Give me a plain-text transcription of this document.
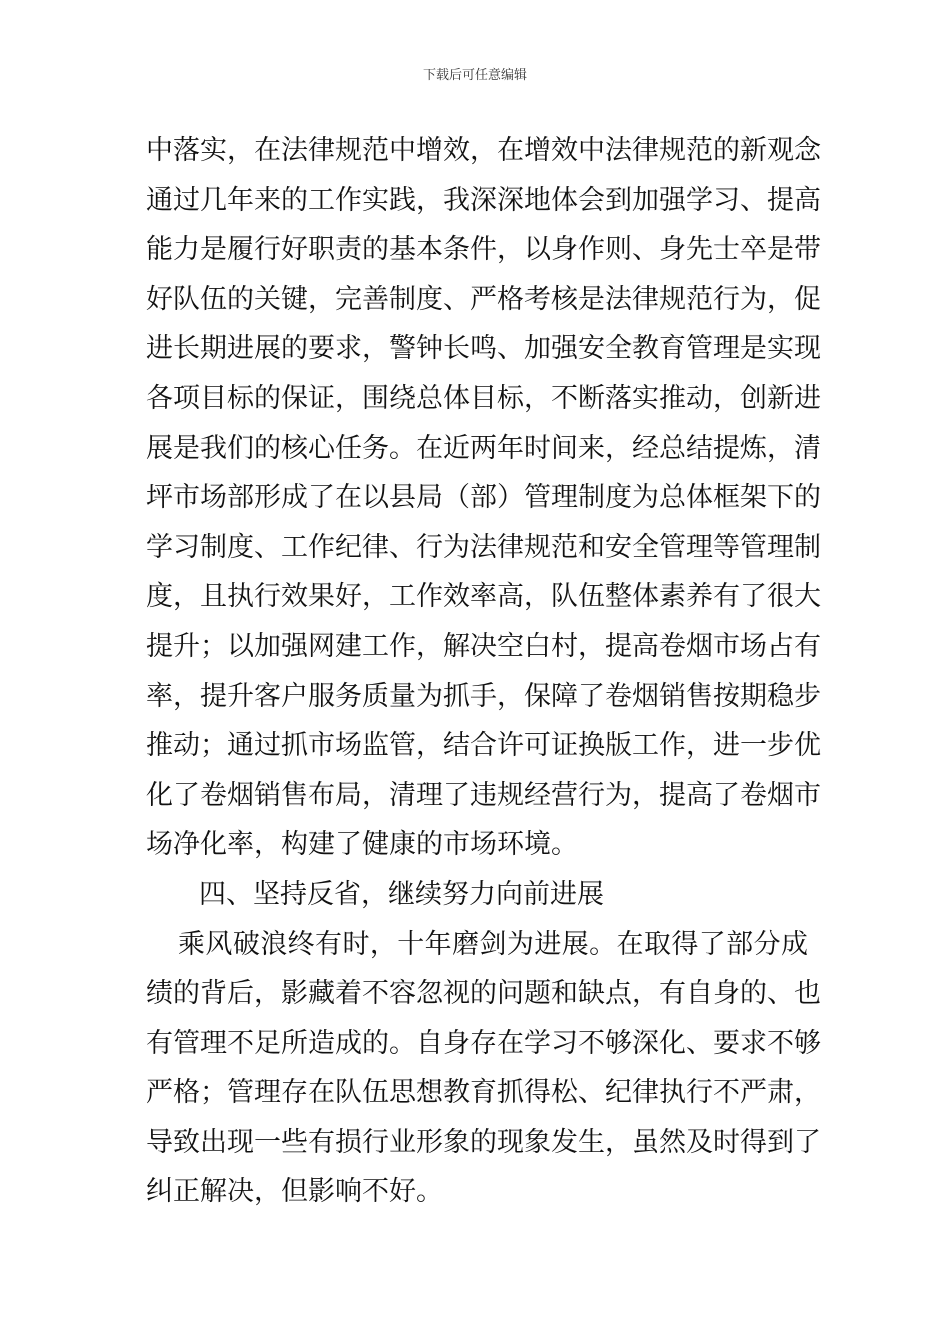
下载后可任意编辑
中落实，在法律规范中增效，在增效中法律规范的新观念
通过几年来的工作实践，我深深地体会到加强学习、提高
能力是履行好职责的基本条件，以身作则、身先士卒是带
好队伍的关键，完善制度、严格考核是法律规范行为，促
进长期进展的要求，警钟长鸣、加强安全教育管理是实现
各项目标的保证，围绕总体目标，不断落实推动，创新进
展是我们的核心任务。在近两年时间来，经总结提炼，清
坪市场部形成了在以县局（部）管理制度为总体框架下的
学习制度、工作纪律、行为法律规范和安全管理等管理制
度，且执行效果好，工作效率高，队伍整体素养有了很大
提升；以加强网建工作，解决空白村，提高卷烟市场占有
率，提升客户服务质量为抓手，保障了卷烟销售按期稳步
推动；通过抓市场监管，结合许可证换版工作，进一步优
化了卷烟销售布局，清理了违规经营行为，提高了卷烟市
场净化率，构建了健康的市场环境。
四、坚持反省，继续努力向前进展
乘风破浪终有时，十年磨剑为进展。在取得了部分成
绩的背后，影藏着不容忽视的问题和缺点，有自身的、也
有管理不足所造成的。自身存在学习不够深化、要求不够
严格；管理存在队伍思想教育抓得松、纪律执行不严肃，
导致出现一些有损行业形象的现象发生，虽然及时得到了
纠正解决，但影响不好。
